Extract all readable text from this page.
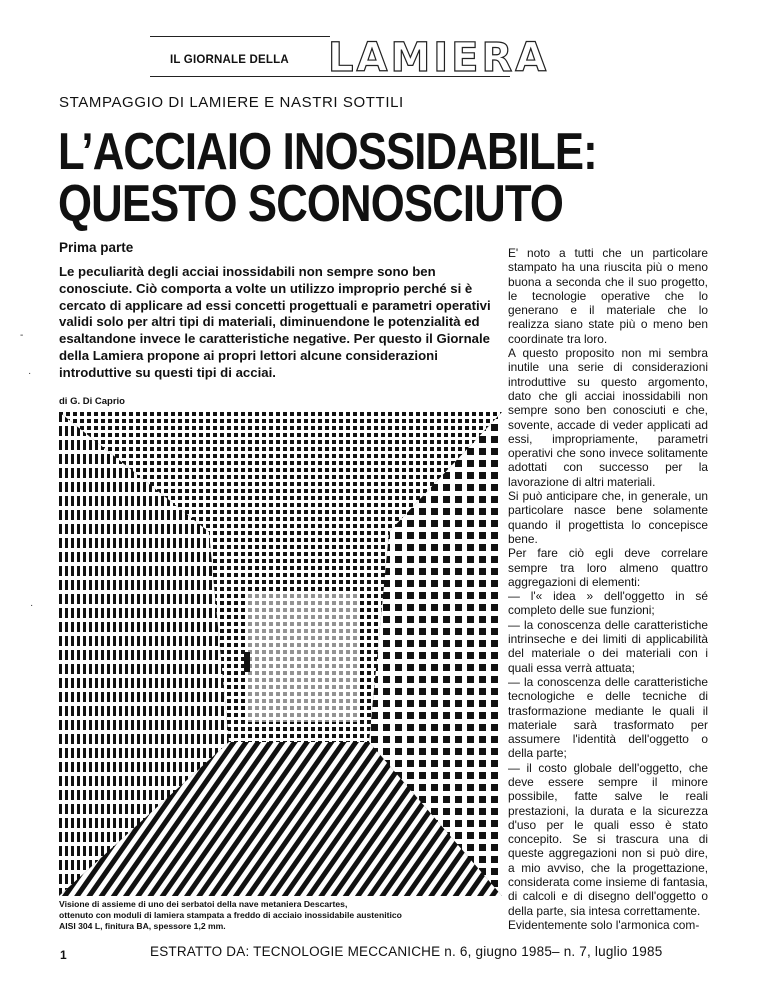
IL GIORNALE DELLA LAMIERA
STAMPAGGIO DI LAMIERE E NASTRI SOTTILI
L’ACCIAIO INOSSIDABILE:
QUESTO SCONOSCIUTO
Prima parte
Le peculiarità degli acciai inossidabili non sempre sono ben conosciute. Ciò comporta a volte un utilizzo improprio perché si è cercato di applicare ad essi concetti progettuali e parametri operativi validi solo per altri tipi di materiali, diminuendone le potenzialità ed esaltandone invece le caratteristiche negative. Per questo il Giornale della Lamiera propone ai propri lettori alcune considerazioni introduttive su questi tipi di acciai.
di G. Di Caprio
Visione di assieme di uno dei serbatoi della nave metaniera Descartes,
ottenuto con moduli di lamiera stampata a freddo di acciaio inossidabile austenitico
AISI 304 L, finitura BA, spessore 1,2 mm.

E' noto a tutti che un particolare stampato ha una riuscita più o meno buona a seconda che il suo progetto, le tecnologie operative che lo generano e il materiale che lo realizza siano state più o meno ben coordinate tra loro.

A questo proposito non mi sembra inutile una serie di considerazioni introduttive su questo argomento, dato che gli acciai inossidabili non sempre sono ben conosciuti e che, sovente, accade di veder applicati ad essi, impropriamente, parametri operativi che sono invece solitamente adottati con successo per la lavorazione di altri materiali.

Si può anticipare che, in generale, un particolare nasce bene solamente quando il progettista lo concepisce bene.

Per fare ciò egli deve correlare sempre tra loro almeno quattro aggregazioni di elementi:

— l'« idea » dell'oggetto in sé completo delle sue funzioni;

— la conoscenza delle caratteristiche intrinseche e dei limiti di applicabilità del materiale o dei materiali con i quali essa verrà attuata;

— la conoscenza delle caratteristiche tecnologiche e delle tecniche di trasformazione mediante le quali il materiale sarà trasformato per assumere l'identità dell'oggetto o della parte;

— il costo globale dell'oggetto, che deve essere sempre il minore possibile, fatte salve le reali prestazioni, la durata e la sicurezza d'uso per le quali esso è stato concepito. Se si trascura una di queste aggregazioni non si può dire, a mio avviso, che la progettazione, considerata come insieme di fantasia, di calcoli e di disegno dell'oggetto o della parte, sia intesa correttamente.

Evidentemente solo l'armonica com-

1	ESTRATTO DA: TECNOLOGIE MECCANICHE n. 6, giugno 1985– n. 7, luglio 1985
-
·
·
